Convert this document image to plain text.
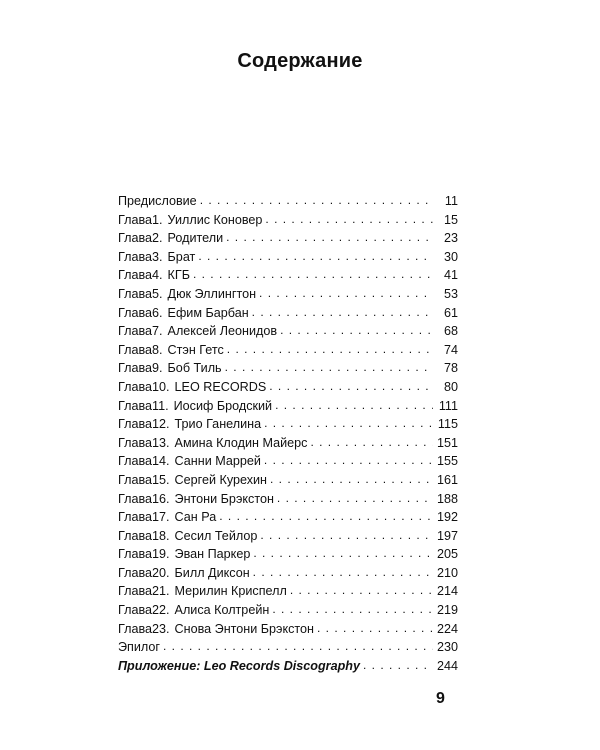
Содержание
Предисловие . . .	11
Глава 1. Уиллис Коновер . . .	15
Глава 2. Родители . . .	23
Глава 3. Брат . . .	30
Глава 4. КГБ . . .	41
Глава 5. Дюк Эллингтон . . .	53
Глава 6. Ефим Барбан . . .	61
Глава 7. Алексей Леонидов . . .	68
Глава 8. Стэн Гетс . . .	74
Глава 9. Боб Тиль . . .	78
Глава 10. LEO RECORDS . . .	80
Глава 11. Иосиф Бродский . . .	111
Глава 12. Трио Ганелина . . .	115
Глава 13. Амина Клодин Майерс . . .	151
Глава 14. Санни Маррей . . .	155
Глава 15. Сергей Курехин . . .	161
Глава 16. Энтони Брэкстон . . .	188
Глава 17. Сан Ра . . .	192
Глава 18. Сесил Тейлор . . .	197
Глава 19. Эван Паркер . . .	205
Глава 20. Билл Диксон . . .	210
Глава 21. Мерилин Криспелл . . .	214
Глава 22. Алиса Колтрейн . . .	219
Глава 23. Снова Энтони Брэкстон . . .	224
Эпилог . . .	230
Приложение: Leo Records Discography . . .	244
9
